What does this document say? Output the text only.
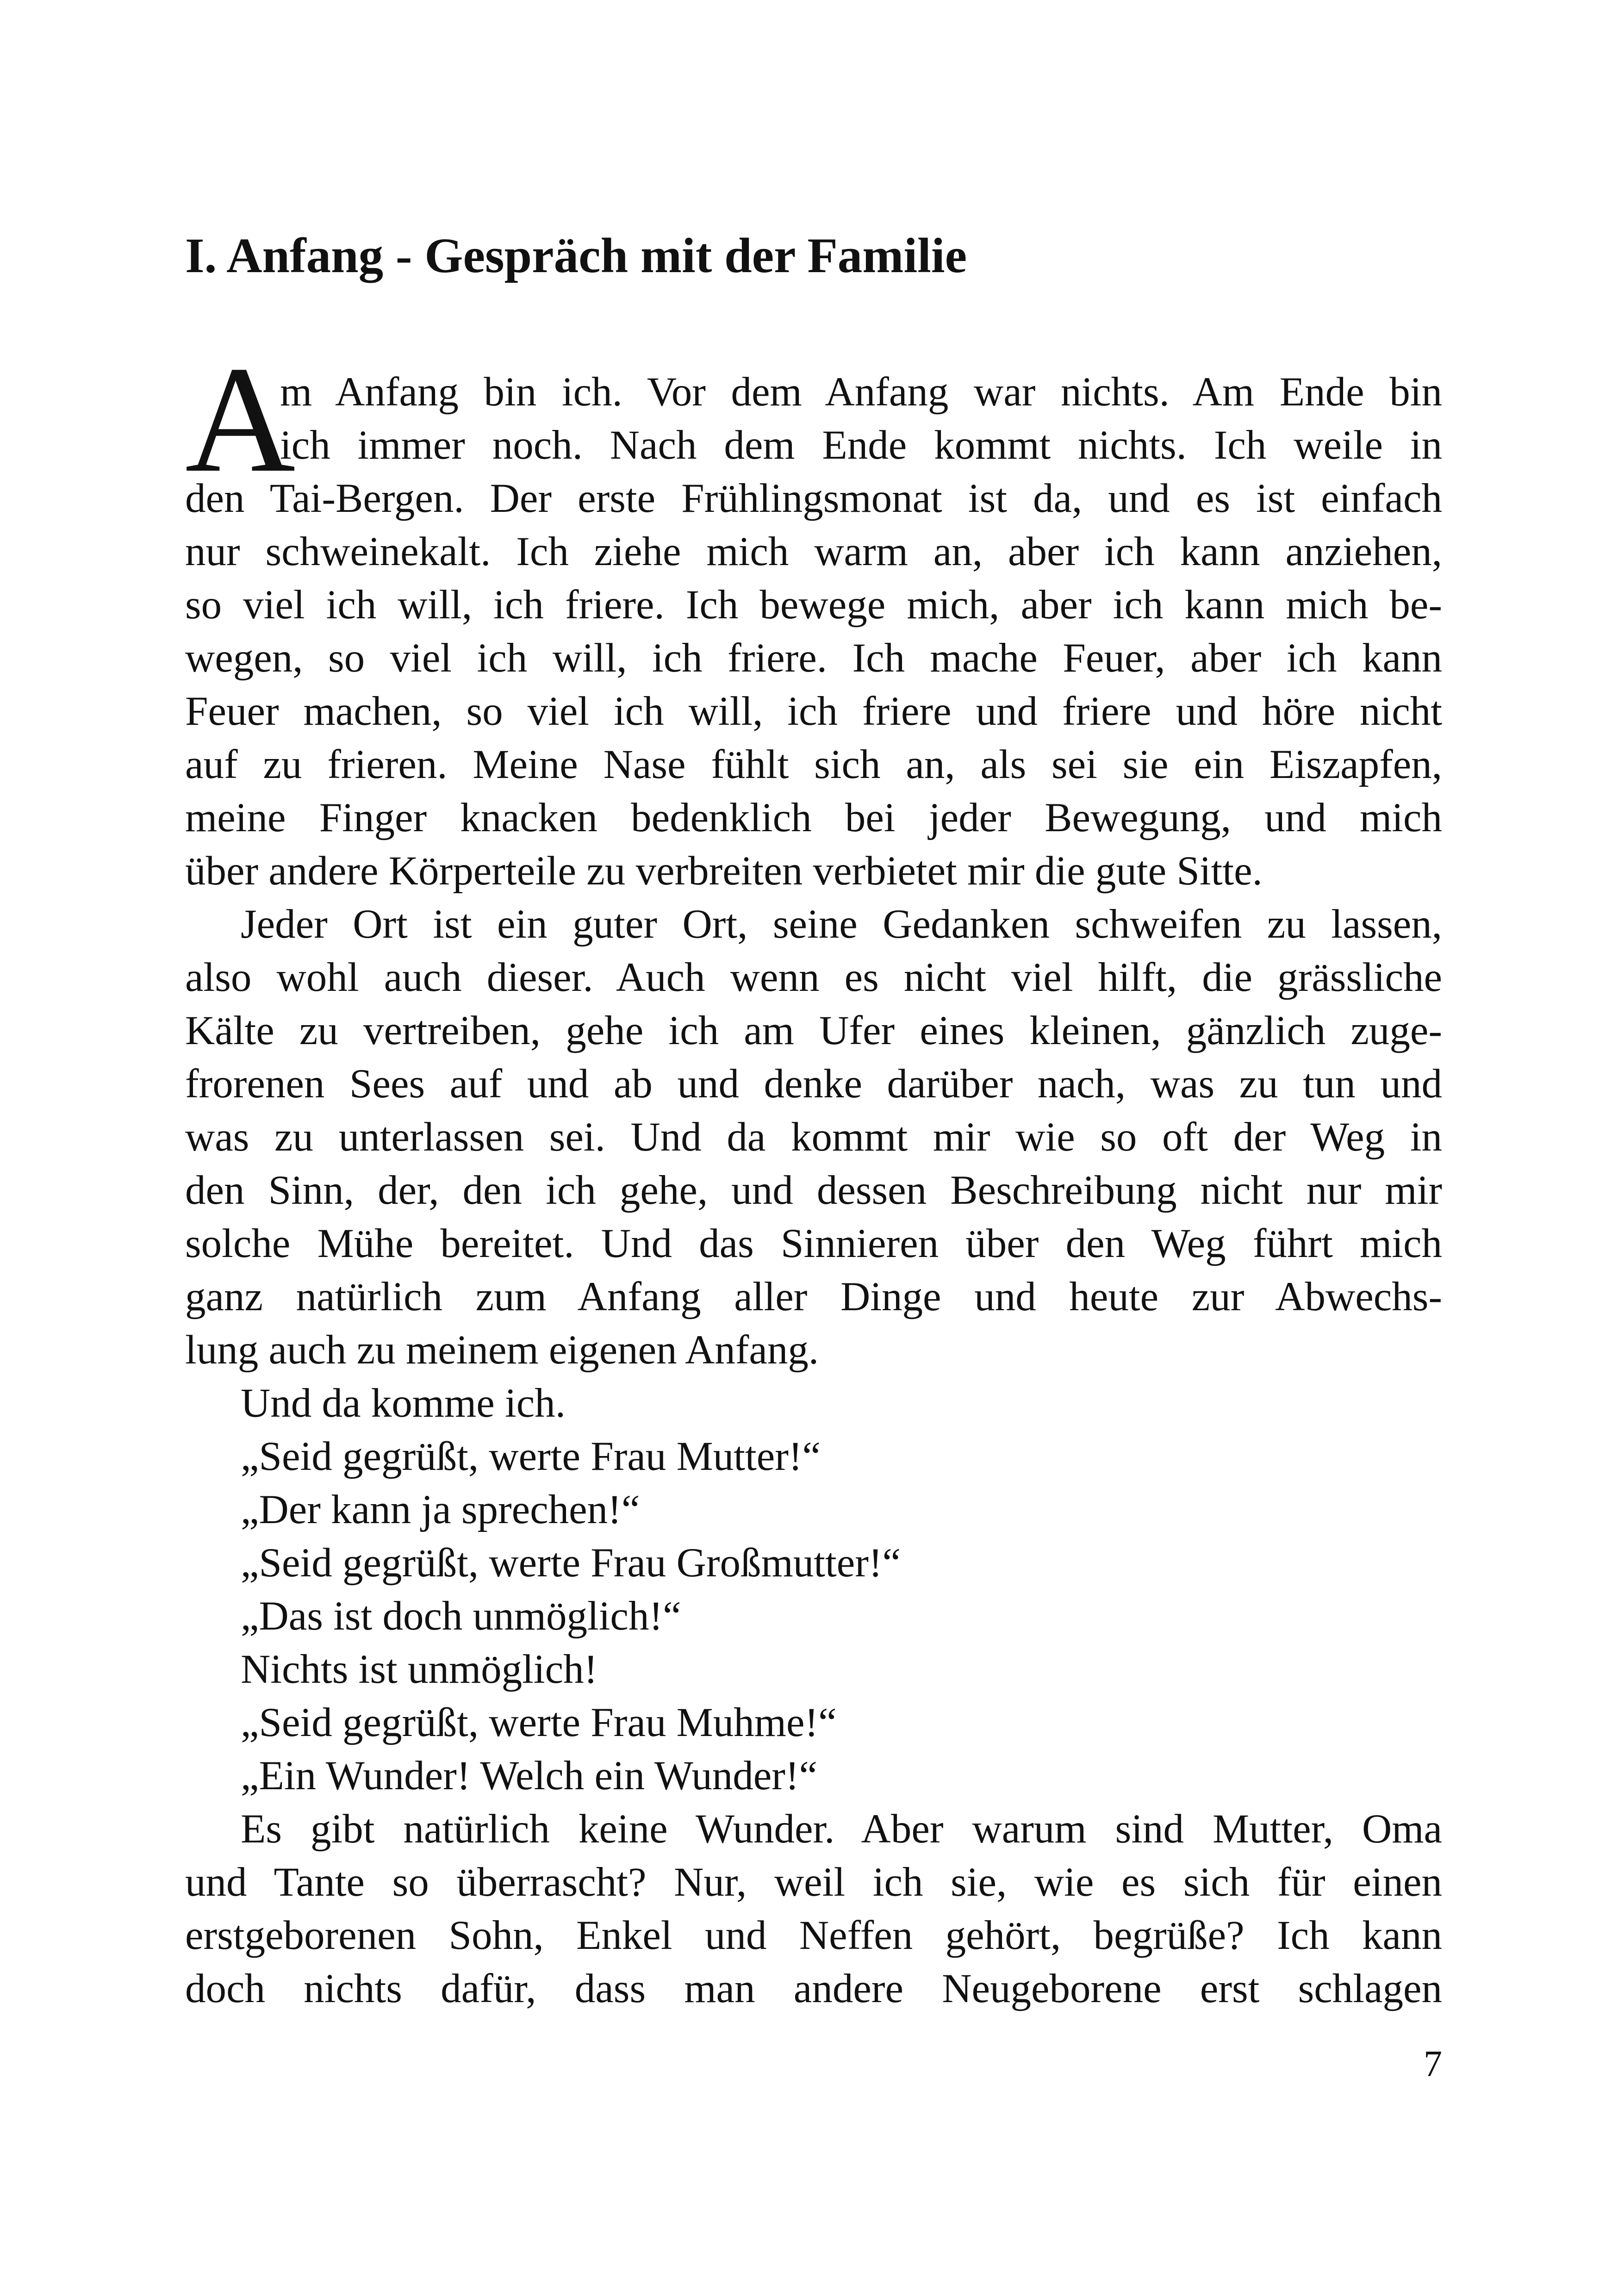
I. Anfang - Gespräch mit der Familie
A
m Anfang bin ich. Vor dem Anfang war nichts. Am Ende bin
ich immer noch. Nach dem Ende kommt nichts. Ich weile in
den Tai-Bergen. Der erste Frühlingsmonat ist da, und es ist einfach
nur schweinekalt. Ich ziehe mich warm an, aber ich kann anziehen,
so viel ich will, ich friere. Ich bewege mich, aber ich kann mich be-
wegen, so viel ich will, ich friere. Ich mache Feuer, aber ich kann
Feuer machen, so viel ich will, ich friere und friere und höre nicht
auf zu frieren. Meine Nase fühlt sich an, als sei sie ein Eiszapfen,
meine Finger knacken bedenklich bei jeder Bewegung, und mich
über andere Körperteile zu verbreiten verbietet mir die gute Sitte.
Jeder Ort ist ein guter Ort, seine Gedanken schweifen zu lassen,
also wohl auch dieser. Auch wenn es nicht viel hilft, die grässliche
Kälte zu vertreiben, gehe ich am Ufer eines kleinen, gänzlich zuge-
frorenen Sees auf und ab und denke darüber nach, was zu tun und
was zu unterlassen sei. Und da kommt mir wie so oft der Weg in
den Sinn, der, den ich gehe, und dessen Beschreibung nicht nur mir
solche Mühe bereitet. Und das Sinnieren über den Weg führt mich
ganz natürlich zum Anfang aller Dinge und heute zur Abwechs-
lung auch zu meinem eigenen Anfang.
Und da komme ich.
„Seid gegrüßt, werte Frau Mutter!“
„Der kann ja sprechen!“
„Seid gegrüßt, werte Frau Großmutter!“
„Das ist doch unmöglich!“
Nichts ist unmöglich!
„Seid gegrüßt, werte Frau Muhme!“
„Ein Wunder! Welch ein Wunder!“
Es gibt natürlich keine Wunder. Aber warum sind Mutter, Oma
und Tante so überrascht? Nur, weil ich sie, wie es sich für einen
erstgeborenen Sohn, Enkel und Neffen gehört, begrüße? Ich kann
doch nichts dafür, dass man andere Neugeborene erst schlagen
7
